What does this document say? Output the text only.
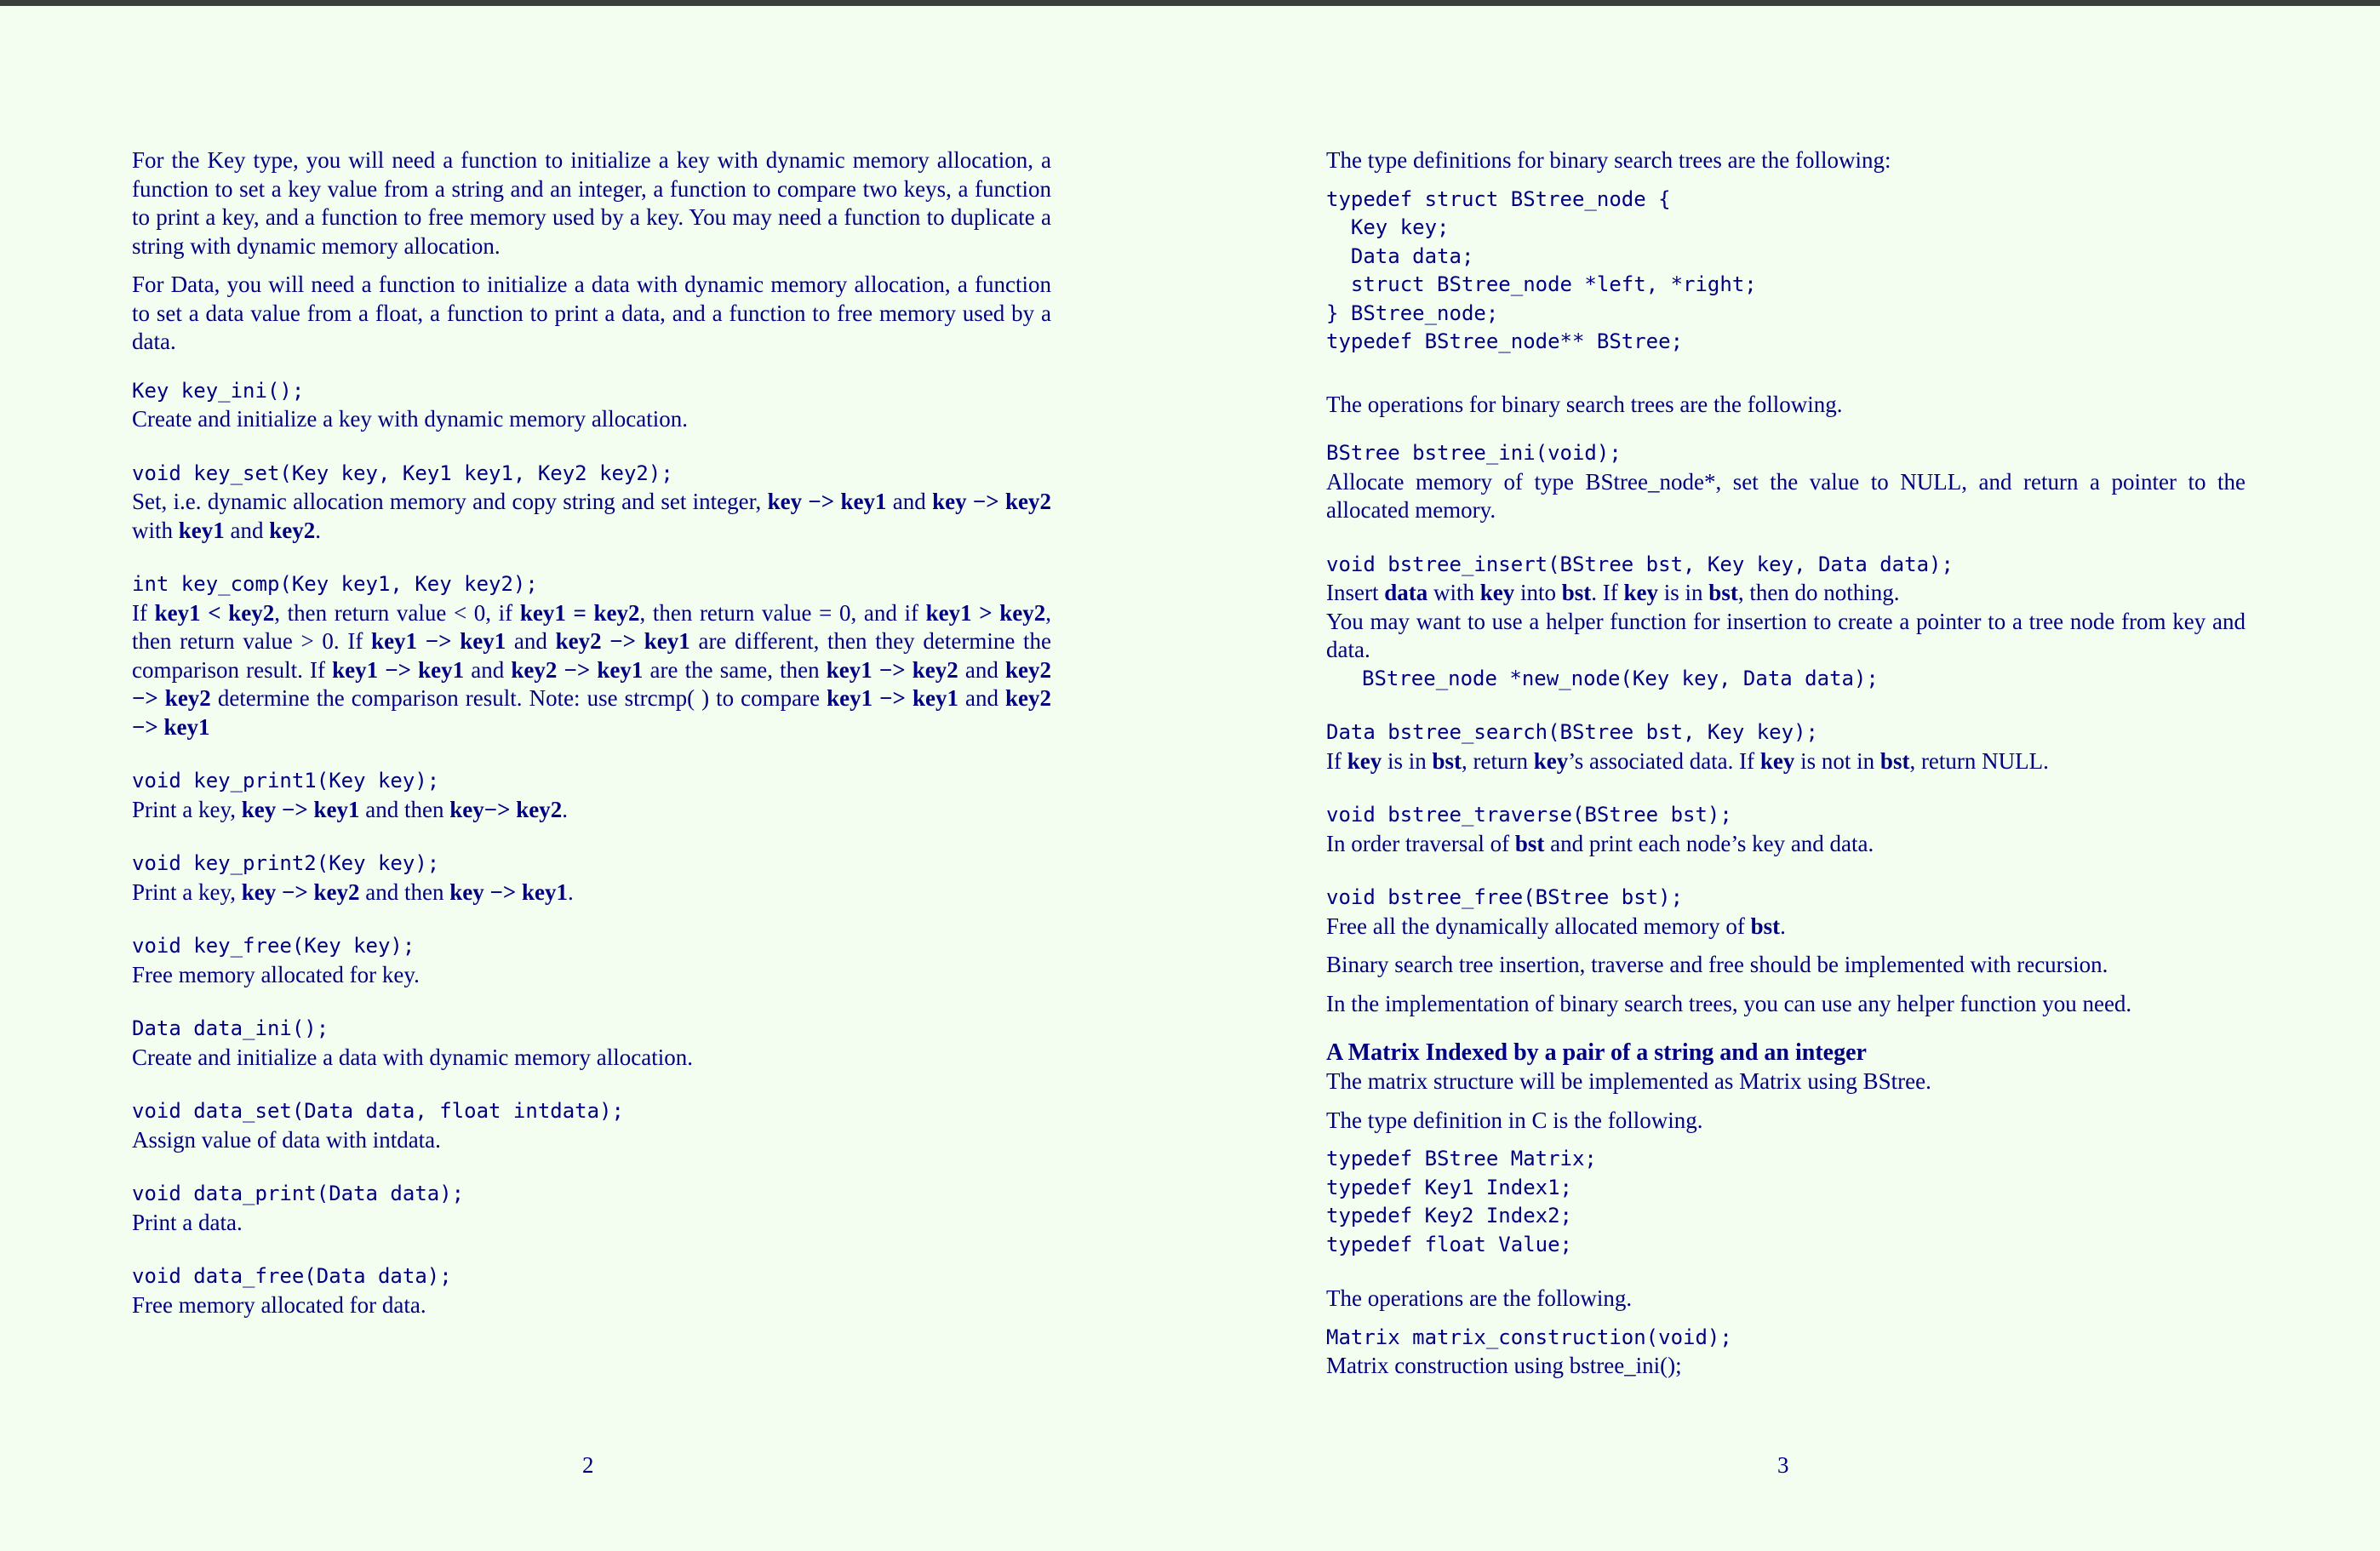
For the Key type, you will need a function to initialize a key with dynamic memory allocation, a function to set a key value from a string and an integer, a function to compare two keys, a function to print a key, and a function to free memory used by a key. You may need a function to duplicate a string with dynamic memory allocation.

For Data, you will need a function to initialize a data with dynamic memory allocation, a function to set a data value from a float, a function to print a data, and a function to free memory used by a data.

Key key_ini();
Create and initialize a key with dynamic memory allocation.
void key_set(Key key, Key1 key1, Key2 key2);
Set, i.e. dynamic allocation memory and copy string and set integer, key −> key1 and key −> key2 with key1 and key2.
int key_comp(Key key1, Key key2);
If key1 < key2, then return value < 0, if key1 = key2, then return value = 0, and if key1 > key2, then return value > 0. If key1 −> key1 and key2 −> key1 are different, then they determine the comparison result. If key1 −> key1 and key2 −> key1 are the same, then key1 −> key2 and key2 −> key2 determine the comparison result. Note: use strcmp( ) to compare key1 −> key1 and key2 −> key1
void key_print1(Key key);
Print a key, key −> key1 and then key−> key2.
void key_print2(Key key);
Print a key, key −> key2 and then key −> key1.
void key_free(Key key);
Free memory allocated for key.
Data data_ini();
Create and initialize a data with dynamic memory allocation.
void data_set(Data data, float intdata);
Assign value of data with intdata.
void data_print(Data data);
Print a data.
void data_free(Data data);
Free memory allocated for data.
2

The type definitions for binary search trees are the following:

typedef struct BStree_node {
Key key;
Data data;
struct BStree_node *left, *right;
} BStree_node;
typedef BStree_node** BStree;

The operations for binary search trees are the following.

BStree bstree_ini(void);
Allocate memory of type BStree_node*, set the value to NULL, and return a pointer to the allocated memory.
void bstree_insert(BStree bst, Key key, Data data);
Insert data with key into bst. If key is in bst, then do nothing.
You may want to use a helper function for insertion to create a pointer to a tree node from key and data.
BStree_node *new_node(Key key, Data data);
Data bstree_search(BStree bst, Key key);
If key is in bst, return key’s associated data. If key is not in bst, return NULL.
void bstree_traverse(BStree bst);
In order traversal of bst and print each node’s key and data.
void bstree_free(BStree bst);
Free all the dynamically allocated memory of bst.

Binary search tree insertion, traverse and free should be implemented with recursion.

In the implementation of binary search trees, you can use any helper function you need.

A Matrix Indexed by a pair of a string and an integer

The matrix structure will be implemented as Matrix using BStree.

The type definition in C is the following.

typedef BStree Matrix;
typedef Key1 Index1;
typedef Key2 Index2;
typedef float Value;

The operations are the following.

Matrix matrix_construction(void);
Matrix construction using bstree_ini();
3
